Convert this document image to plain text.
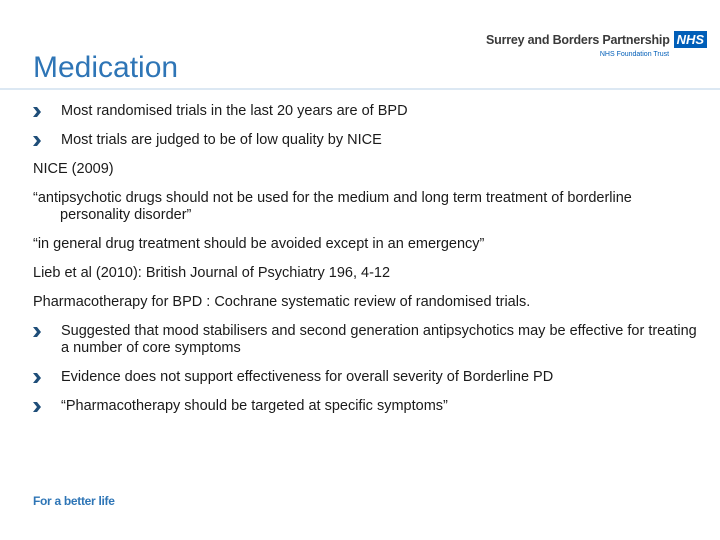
Surrey and Borders Partnership NHS
NHS Foundation Trust
Medication
Most randomised trials in the last 20 years are of BPD
Most trials are judged to be of low quality by NICE
NICE (2009)
“antipsychotic drugs should not be used for the medium and long term treatment of borderline personality disorder”
“in general drug treatment should be avoided except in an emergency”
Lieb et al (2010): British Journal of Psychiatry 196, 4-12
Pharmacotherapy for BPD : Cochrane systematic review of randomised trials.
Suggested that mood stabilisers and second generation antipsychotics may be effective for treating a number of core symptoms
Evidence does not support effectiveness for overall severity of Borderline PD
“Pharmacotherapy should be targeted at specific symptoms”
For a better life
